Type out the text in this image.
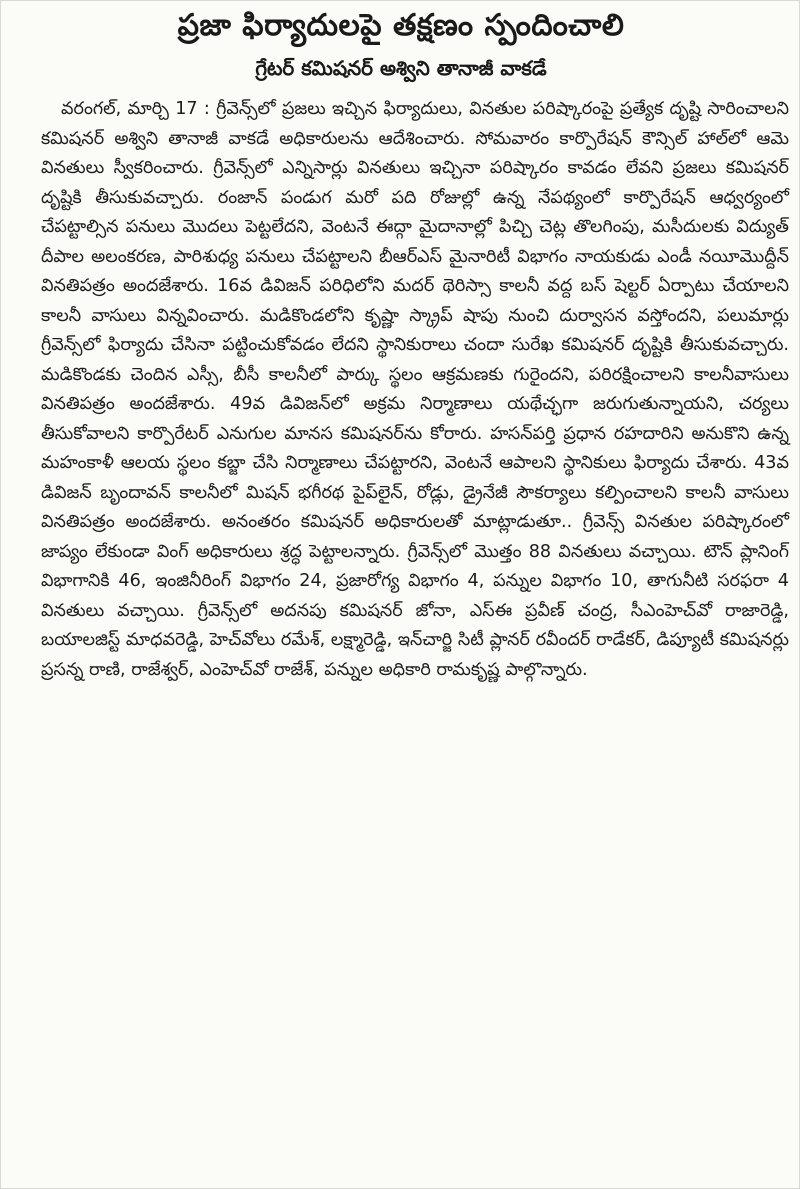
ప్రజా ఫిర్యాదులపై తక్షణం స్పందించాలి
గ్రేటర్ కమిషనర్ అశ్విని తానాజీ వాకడే

వరంగల్, మార్చి 17 : గ్రీవెన్స్‌లో ప్రజలు ఇచ్చిన ఫిర్యాదులు, వినతుల పరిష్కారంపై ప్రత్యేక దృష్టి సారించాలని కమిషనర్ అశ్విని తానాజీ వాకడే అధికారులను ఆదేశించారు. సోమవారం కార్పొరేషన్ కౌన్సిల్ హాల్‌లో ఆమె వినతులు స్వీకరించారు. గ్రీవెన్స్‌లో ఎన్నిసార్లు వినతులు ఇచ్చినా పరిష్కారం కావడం లేవని ప్రజలు కమిషనర్ దృష్టికి తీసుకువచ్చారు. రంజాన్ పండుగ మరో పది రోజుల్లో ఉన్న నేపథ్యంలో కార్పొరేషన్ ఆధ్వర్యంలో చేపట్టాల్సిన పనులు మొదలు పెట్టలేదని, వెంటనే ఈద్గా మైదానాల్లో పిచ్చి చెట్ల తొలగింపు, మసీదులకు విద్యుత్ దీపాల అలంకరణ, పారిశుధ్య పనులు చేపట్టాలని బీఆర్ఎస్ మైనారిటీ విభాగం నాయకుడు ఎండీ నయీమొద్దీన్ వినతిపత్రం అందజేశారు. 16వ డివిజన్ పరిధిలోని మదర్ థెరిస్సా కాలనీ వద్ద బస్ షెల్టర్ ఏర్పాటు చేయాలని కాలనీ వాసులు విన్నవించారు. మడికొండలోని కృష్ణా స్క్రాప్ షాపు నుంచి దుర్వాసన వస్తోందని, పలుమార్లు గ్రీవెన్స్‌లో ఫిర్యాదు చేసినా పట్టించుకోవడం లేదని స్థానికురాలు చందా సురేఖ కమిషనర్ దృష్టికి తీసుకువచ్చారు. మడికొండకు చెందిన ఎస్సీ, బీసీ కాలనీలో పార్కు స్థలం ఆక్రమణకు గురైందని, పరిరక్షించాలని కాలనీవాసులు వినతిపత్రం అందజేశారు. 49వ డివిజన్‌లో అక్రమ నిర్మాణాలు యథేచ్ఛగా జరుగుతున్నాయని, చర్యలు తీసుకోవాలని కార్పొరేటర్ ఎనుగుల మానస కమిషనర్‌ను కోరారు. హసన్‌పర్తి ప్రధాన రహదారిని అనుకొని ఉన్న మహంకాళీ ఆలయ స్థలం కబ్జా చేసి నిర్మాణాలు చేపట్టారని, వెంటనే ఆపాలని స్థానికులు ఫిర్యాదు చేశారు. 43వ డివిజన్ బృందావన్ కాలనీలో మిషన్ భగీరథ పైప్‌లైన్, రోడ్లు, డ్రైనేజీ సౌకర్యాలు కల్పించాలని కాలనీ వాసులు వినతిపత్రం అందజేశారు. అనంతరం కమిషనర్ అధికారులతో మాట్లాడుతూ.. గ్రీవెన్స్ వినతుల పరిష్కారంలో జాప్యం లేకుండా వింగ్ అధికారులు శ్రద్ధ పెట్టాలన్నారు. గ్రీవెన్స్‌లో మొత్తం 88 వినతులు వచ్చాయి. టౌన్ ప్లానింగ్ విభాగానికి 46, ఇంజినీరింగ్ విభాగం 24, ప్రజారోగ్య విభాగం 4, పన్నుల విభాగం 10, తాగునీటి సరఫరా 4 వినతులు వచ్చాయి. గ్రీవెన్స్‌లో అదనపు కమిషనర్ జోనా, ఎస్ఈ ప్రవీణ్ చంద్ర, సీఎంహెచ్‌వో రాజారెడ్డి, బయాలజిస్ట్ మాధవరెడ్డి, హెచ్‌వోలు రమేశ్, లక్ష్మారెడ్డి, ఇన్‌చార్జి సిటీ ప్లానర్ రవీందర్ రాడేకర్, డిప్యూటీ కమిషనర్లు ప్రసన్న రాణి, రాజేశ్వర్, ఎంహెచ్‌వో రాజేశ్, పన్నుల అధికారి రామకృష్ణ పాల్గొన్నారు.
